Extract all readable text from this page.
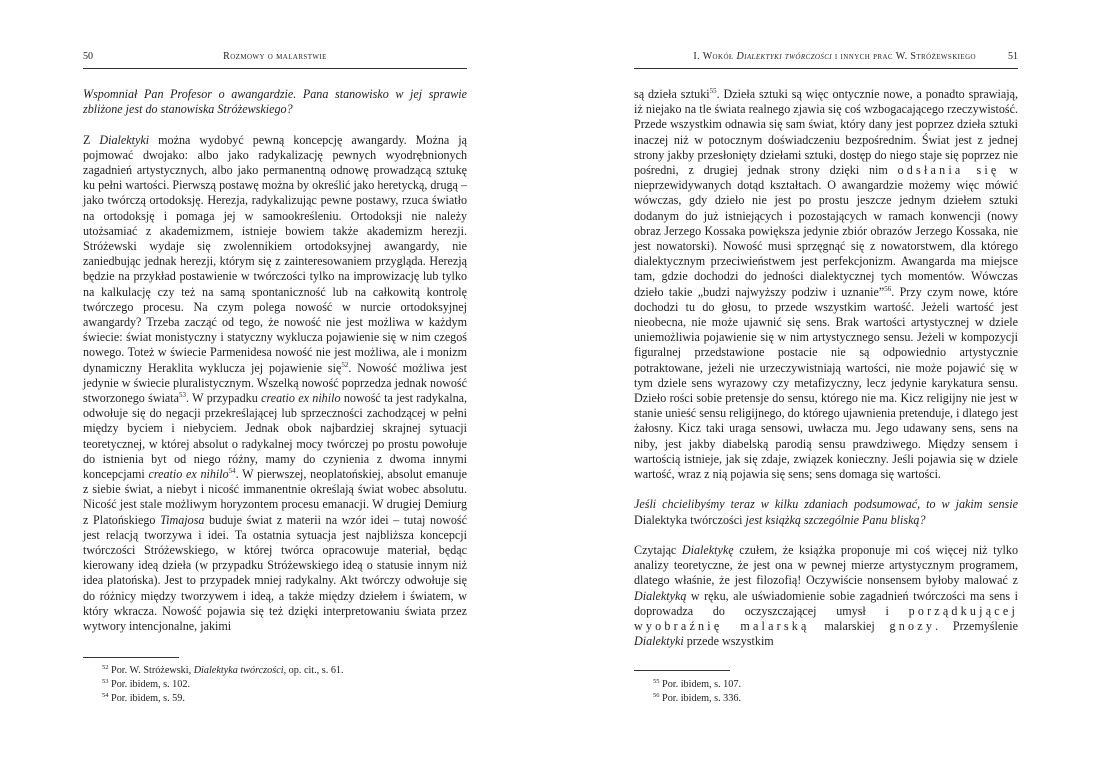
50	Rozmowy o malarstwie

Wspomniał Pan Profesor o awangardzie. Pana stanowisko w jej sprawie zbliżone jest do stanowiska Stróżewskiego?

Z Dialektyki można wydobyć pewną koncepcję awangardy. Można ją pojmować dwojako: albo jako radykalizację pewnych wyodrębnionych zagadnień artystycznych, albo jako permanentną odnowę prowadzącą sztukę ku pełni wartości. Pierwszą postawę można by określić jako heretycką, drugą – jako twórczą ortodoksję. Herezja, radykalizując pewne postawy, rzuca światło na ortodoksję i pomaga jej w samookreśleniu. Ortodoksji nie należy utożsamiać z akademizmem, istnieje bowiem także akademizm herezji. Stróżewski wydaje się zwolennikiem ortodoksyjnej awangardy, nie zaniedbując jednak herezji, którym się z zainteresowaniem przygląda. Herezją będzie na przykład postawienie w twórczości tylko na improwizację lub tylko na kalkulację czy też na samą spontaniczność lub na całkowitą kontrolę twórczego procesu. Na czym polega nowość w nurcie ortodoksyjnej awangardy? Trzeba zacząć od tego, że nowość nie jest możliwa w każdym świecie: świat monistyczny i statyczny wyklucza pojawienie się w nim czegoś nowego. Toteż w świecie Parmenidesa nowość nie jest możliwa, ale i monizm dynamiczny Heraklita wyklucza jej pojawienie się$^{52}$. Nowość możliwa jest jedynie w świecie pluralistycznym. Wszelką nowość poprzedza jednak nowość stworzonego świata$^{53}$. W przypadku creatio ex nihilo nowość ta jest radykalna, odwołuje się do negacji przekreślającej lub sprzeczności zachodzącej w pełni między byciem i niebyciem. Jednak obok najbardziej skrajnej sytuacji teoretycznej, w której absolut o radykalnej mocy twórczej po prostu powołuje do istnienia byt od niego różny, mamy do czynienia z dwoma innymi koncepcjami creatio ex nihilo$^{54}$. W pierwszej, neoplatońskiej, absolut emanuje z siebie świat, a niebyt i nicość immanentnie określają świat wobec absolutu. Nicość jest stale możliwym horyzontem procesu emanacji. W drugiej Demiurg z Platońskiego Timajosa buduje świat z materii na wzór idei – tutaj nowość jest relacją tworzywa i idei. Ta ostatnia sytuacja jest najbliższa koncepcji twórczości Stróżewskiego, w której twórca opracowuje materiał, będąc kierowany ideą dzieła (w przypadku Stróżewskiego ideą o statusie innym niż idea platońska). Jest to przypadek mniej radykalny. Akt twórczy odwołuje się do różnicy między tworzywem i ideą, a także między dziełem i światem, w który wkracza. Nowość pojawia się też dzięki interpretowaniu świata przez wytwory intencjonalne, jakimi

$^{52}$ Por. W. Stróżewski, Dialektyka twórczości, op. cit., s. 61.
$^{53}$ Por. ibidem, s. 102.
$^{54}$ Por. ibidem, s. 59.
I. Wokół Dialektyki twórczości i innych prac W. Stróżewskiego	51

są dzieła sztuki$^{55}$. Dzieła sztuki są więc ontycznie nowe, a ponadto sprawiają, iż niejako na tle świata realnego zjawia się coś wzbogacającego rzeczywistość. Przede wszystkim odnawia się sam świat, który dany jest poprzez dzieła sztuki inaczej niż w potocznym doświadczeniu bezpośrednim. Świat jest z jednej strony jakby przesłonięty dziełami sztuki, dostęp do niego staje się poprzez nie pośredni, z drugiej jednak strony dzięki nim odsłania się w nieprzewidywanych dotąd kształtach. O awangardzie możemy więc mówić wówczas, gdy dzieło nie jest po prostu jeszcze jednym dziełem sztuki dodanym do już istniejących i pozostających w ramach konwencji (nowy obraz Jerzego Kossaka powiększa jedynie zbiór obrazów Jerzego Kossaka, nie jest nowatorski). Nowość musi sprzęgnąć się z nowatorstwem, dla którego dialektycznym przeciwieństwem jest perfekcjonizm. Awangarda ma miejsce tam, gdzie dochodzi do jedności dialektycznej tych momentów. Wówczas dzieło takie „budzi najwyższy podziw i uznanie”$^{56}$. Przy czym nowe, które dochodzi tu do głosu, to przede wszystkim wartość. Jeżeli wartość jest nieobecna, nie może ujawnić się sens. Brak wartości artystycznej w dziele uniemożliwia pojawienie się w nim artystycznego sensu. Jeżeli w kompozycji figuralnej przedstawione postacie nie są odpowiednio artystycznie potraktowane, jeżeli nie urzeczywistniają wartości, nie może pojawić się w tym dziele sens wyrazowy czy metafizyczny, lecz jedynie karykatura sensu. Dzieło rości sobie pretensje do sensu, którego nie ma. Kicz religijny nie jest w stanie unieść sensu religijnego, do którego ujawnienia pretenduje, i dlatego jest żałosny. Kicz taki uraga sensowi, uwłacza mu. Jego udawany sens, sens na niby, jest jakby diabelską parodią sensu prawdziwego. Między sensem i wartością istnieje, jak się zdaje, związek konieczny. Jeśli pojawia się w dziele wartość, wraz z nią pojawia się sens; sens domaga się wartości.

Jeśli chcielibyśmy teraz w kilku zdaniach podsumować, to w jakim sensie Dialektyka twórczości jest książką szczególnie Panu bliską?

Czytając Dialektykę czułem, że książka proponuje mi coś więcej niż tylko analizy teoretyczne, że jest ona w pewnej mierze artystycznym programem, dlatego właśnie, że jest filozofią! Oczywiście nonsensem byłoby malować z Dialektyką w ręku, ale uświadomienie sobie zagadnień twórczości ma sens i doprowadza do oczyszczającej umysł i porządkującej wyobraźnię malarską malarskiej gnozy. Przemyślenie Dialektyki przede wszystkim

$^{55}$ Por. ibidem, s. 107.
$^{56}$ Por. ibidem, s. 336.
